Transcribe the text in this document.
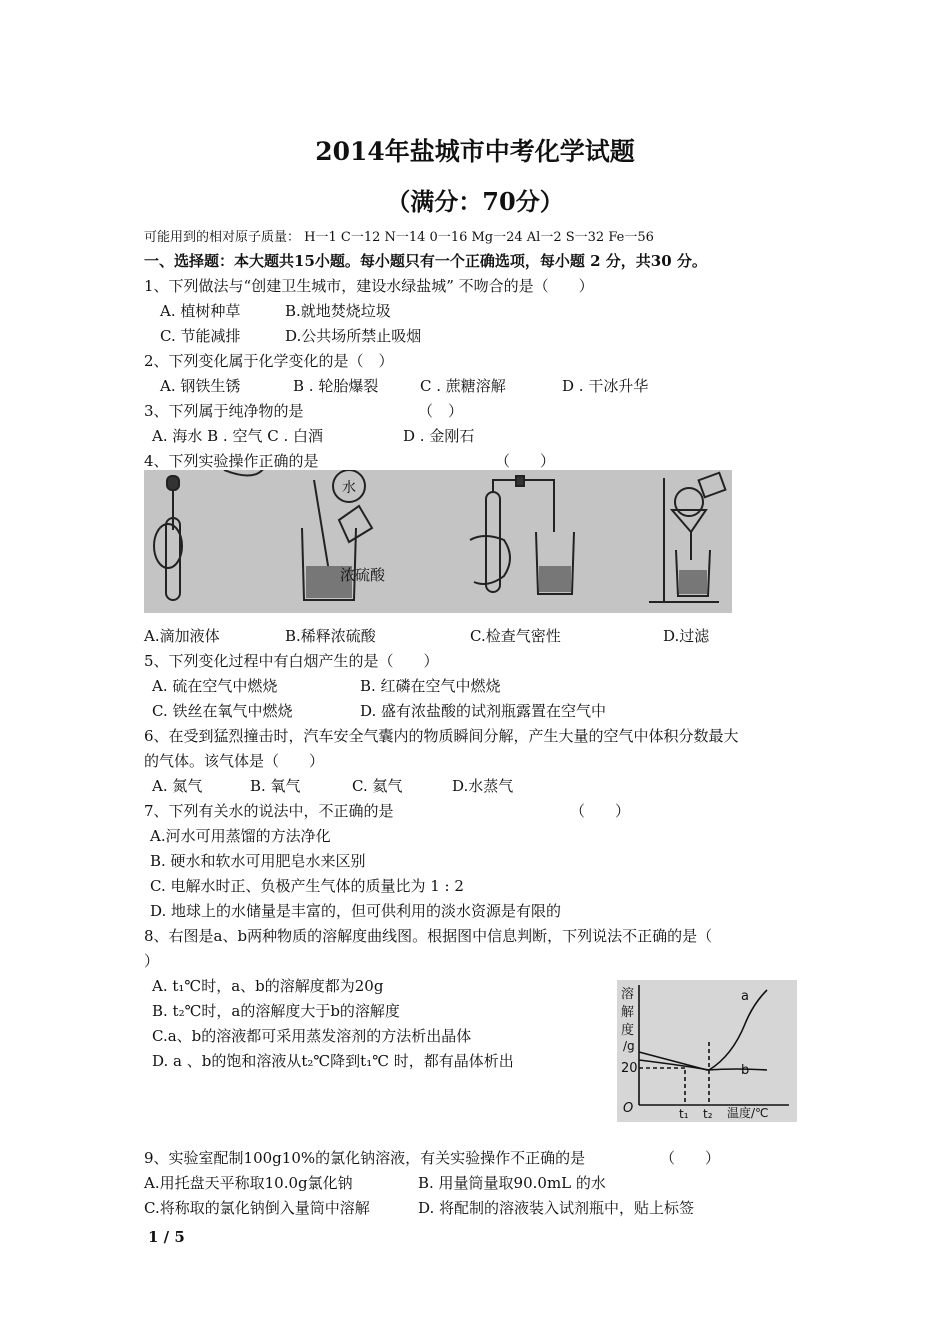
2014年盐城市中考化学试题
（满分：70分）
可能用到的相对原子质量： H一1 C一12 N一14 0一16 Mg一24 Al一2 S一32 Fe一56
一、选择题：本大题共15小题。每小题只有一个正确选项，每小题 2 分，共30 分。
1、下列做法与“创建卫生城市，建设水绿盐城” 不吻合的是（　　）
A. 植树种草	B.就地焚烧垃圾
C. 节能减排	D.公共场所禁止吸烟
2、下列变化属于化学变化的是（　）
A. 钢铁生锈	B . 轮胎爆裂	C . 蔗糖溶解	D . 干冰升华
3、下列属于纯净物的是	（　）
A. 海水 B . 空气 C . 白酒	D . 金刚石
4、下列实验操作正确的是	（　　）
水
浓硫酸
A.滴加液体	B.稀释浓硫酸	C.检查气密性	D.过滤
5、下列变化过程中有白烟产生的是（　　）
A. 硫在空气中燃烧	B. 红磷在空气中燃烧
C. 铁丝在氧气中燃烧	D. 盛有浓盐酸的试剂瓶露置在空气中
6、在受到猛烈撞击时，汽车安全气囊内的物质瞬间分解，产生大量的空气中体积分数最大
的气体。该气体是（　　）
A. 氮气	B. 氧气	C. 氦气	D.水蒸气
7、下列有关水的说法中，不正确的是	（　　）
A.河水可用蒸馏的方法净化
B. 硬水和软水可用肥皂水来区别
C. 电解水时正、负极产生气体的质量比为 1 : 2
D. 地球上的水储量是丰富的，但可供利用的淡水资源是有限的
8、右图是a、b两种物质的溶解度曲线图。根据图中信息判断，下列说法不正确的是（
）
A. t₁℃时，a、b的溶解度都为20g
B. t₂℃时，a的溶解度大于b的溶解度
C.a、b的溶液都可采用蒸发溶剂的方法析出晶体
D. a 、b的饱和溶液从t₂℃降到t₁℃ 时，都有晶体析出
溶
解
度
/g
20
O	t₁ t₂ 温度/℃
a
b
9、实验室配制100g10%的氯化钠溶液，有关实验操作不正确的是	（　　）
A.用托盘天平称取10.0g氯化钠	B. 用量筒量取90.0mL 的水
C.将称取的氯化钠倒入量筒中溶解	D. 将配制的溶液装入试剂瓶中，贴上标签
1 / 5
